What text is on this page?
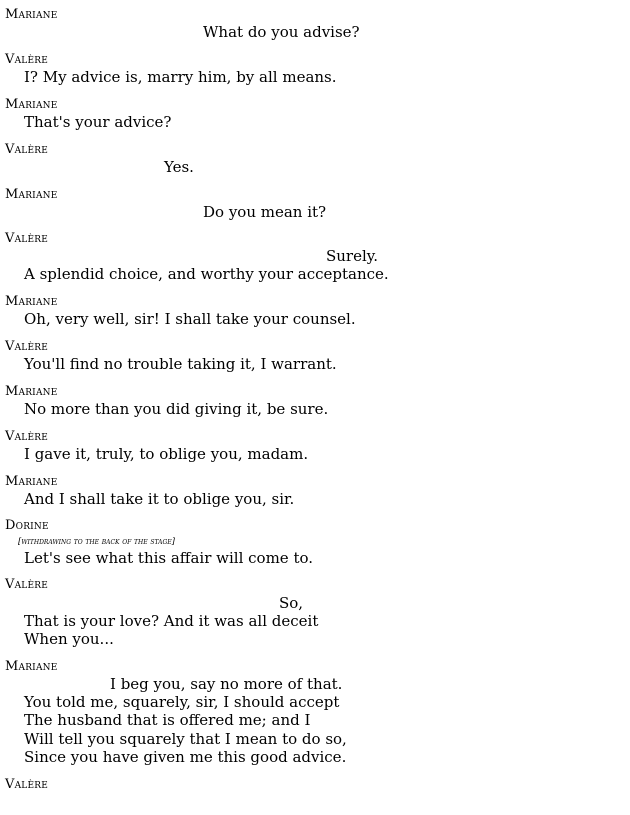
Mariane
What do you advise?
Valère
I? My advice is, marry him, by all means.
Mariane
That's your advice?
Valère
Yes.
Mariane
Do you mean it?
Valère
Surely.
A splendid choice, and worthy your acceptance.
Mariane
Oh, very well, sir! I shall take your counsel.
Valère
You'll find no trouble taking it, I warrant.
Mariane
No more than you did giving it, be sure.
Valère
I gave it, truly, to oblige you, madam.
Mariane
And I shall take it to oblige you, sir.
Dorine
[withdrawing to the back of the stage]
Let's see what this affair will come to.
Valère
So,
That is your love? And it was all deceit
When you...
Mariane
I beg you, say no more of that.
You told me, squarely, sir, I should accept
The husband that is offered me; and I
Will tell you squarely that I mean to do so,
Since you have given me this good advice.
Valère
